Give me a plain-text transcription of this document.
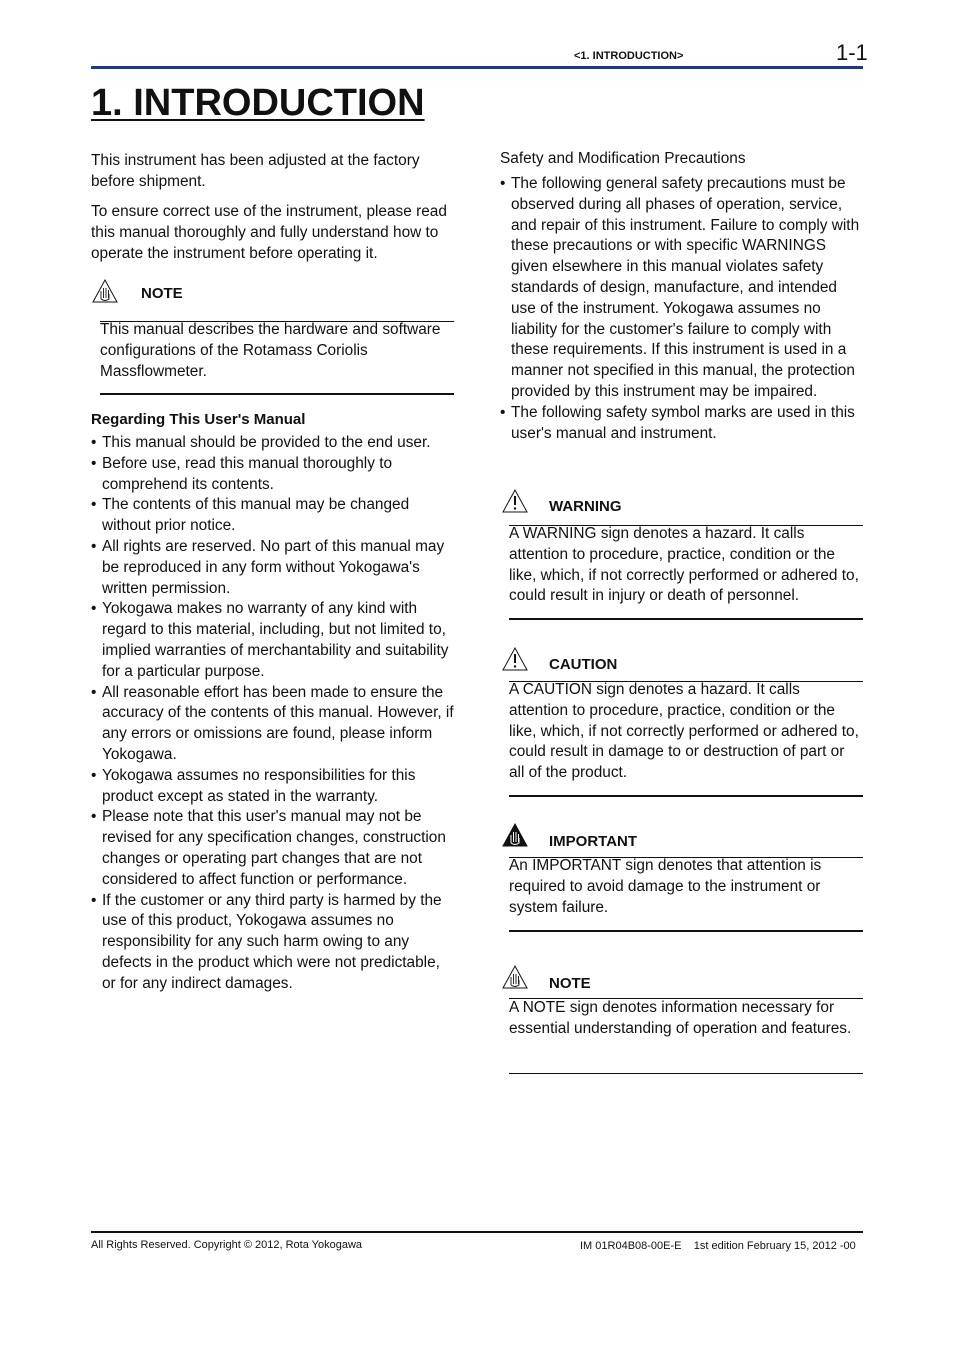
<1. INTRODUCTION>	1-1
1. INTRODUCTION
This instrument has been adjusted at the factory before shipment.
To ensure correct use of the instrument, please read this manual thoroughly and fully understand how to operate the instrument before operating it.
NOTE
This manual describes the hardware and software configurations of the Rotamass Coriolis Massflowmeter.
Regarding This User's Manual
• This manual should be provided to the end user.
• Before use, read this manual thoroughly to comprehend its contents.
• The contents of this manual may be changed without prior notice.
• All rights are reserved. No part of this manual may be reproduced in any form without Yokogawa's written permission.
• Yokogawa makes no warranty of any kind with regard to this material, including, but not limited to, implied warranties of merchantability and suitability for a particular purpose.
• All reasonable effort has been made to ensure the accuracy of the contents of this manual. However, if any errors or omissions are found, please inform Yokogawa.
• Yokogawa assumes no responsibilities for this product except as stated in the warranty.
• Please note that this user's manual may not be revised for any specification changes, construction changes or operating part changes that are not considered to affect function or performance.
• If the customer or any third party is harmed by the use of this product, Yokogawa assumes no responsibility for any such harm owing to any defects in the product which were not predictable, or for any indirect damages.
Safety and Modification Precautions
• The following general safety precautions must be observed during all phases of operation, service, and repair of this instrument. Failure to comply with these precautions or with specific WARNINGS given elsewhere in this manual violates safety standards of design, manufacture, and intended use of the instrument. Yokogawa assumes no liability for the customer's failure to comply with these requirements. If this instrument is used in a manner not specified in this manual, the protection provided by this instrument may be impaired.
• The following safety symbol marks are used in this user's manual and instrument.
WARNING
A WARNING sign denotes a hazard. It calls attention to procedure, practice, condition or the like, which, if not correctly performed or adhered to, could result in injury or death of personnel.
CAUTION
A CAUTION sign denotes a hazard. It calls attention to procedure, practice, condition or the like, which, if not correctly performed or adhered to, could result in damage to or destruction of part or all of the product.
IMPORTANT
An IMPORTANT sign denotes that attention is required to avoid damage to the instrument or system failure.
NOTE
A NOTE sign denotes information necessary for essential understanding of operation and features.
All Rights Reserved. Copyright © 2012, Rota Yokogawa	IM 01R04B08-00E-E 1st edition February 15, 2012 -00
